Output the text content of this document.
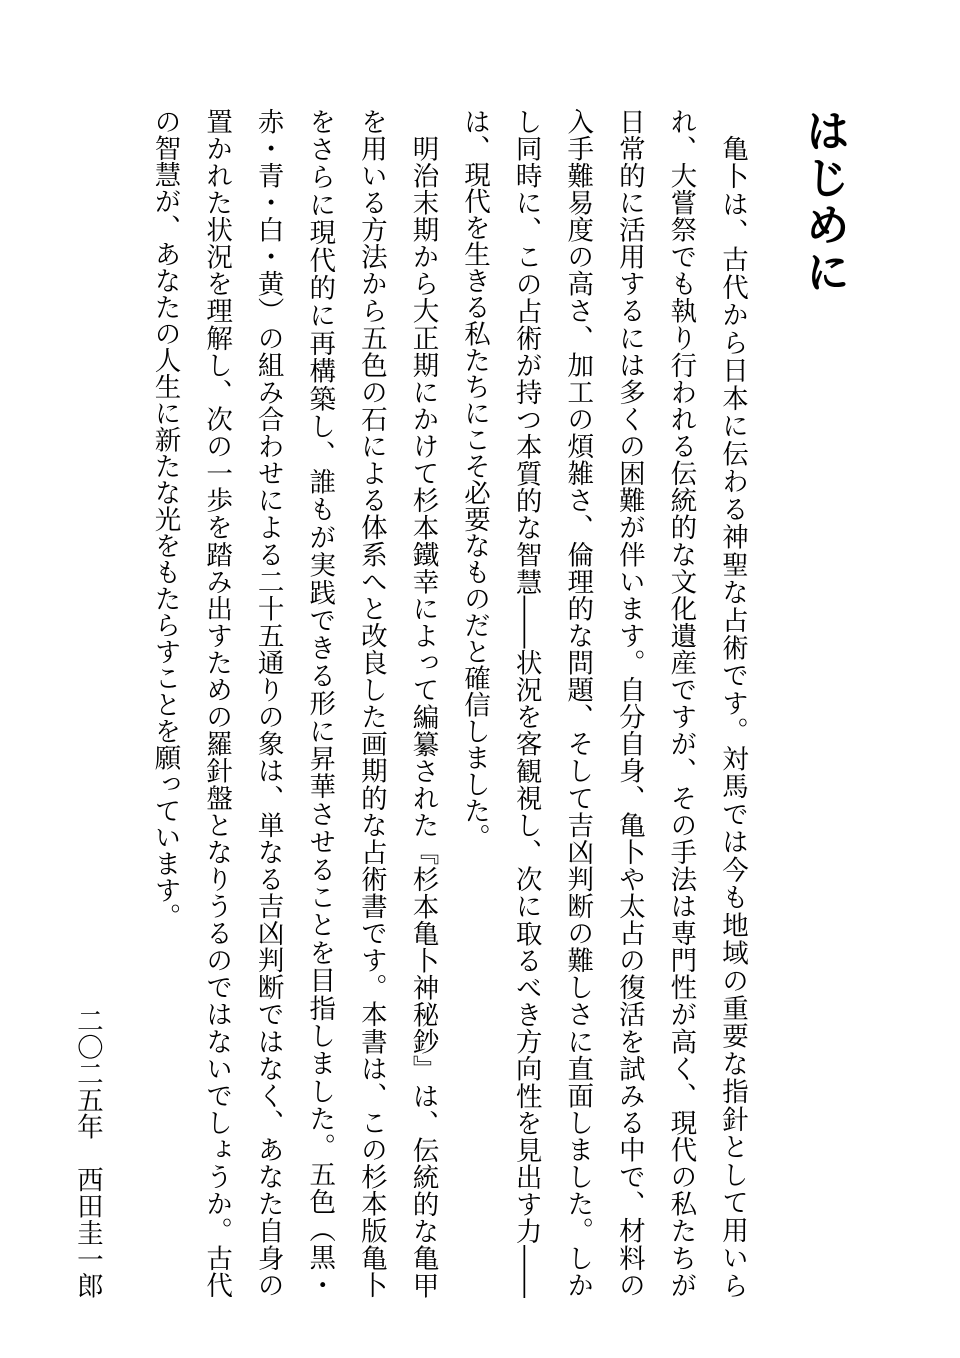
はじめに

亀卜は、古代から日本に伝わる神聖な占術です。対馬では今も地域の重要な指針として用いられ、大嘗祭でも執り行われる伝統的な文化遺産ですが、その手法は専門性が高く、現代の私たちが日常的に活用するには多くの困難が伴います。自分自身、亀卜や太占の復活を試みる中で、材料の入手難易度の高さ、加工の煩雑さ、倫理的な問題、そして吉凶判断の難しさに直面しました。しかし同時に、この占術が持つ本質的な智慧――状況を客観視し、次に取るべき方向性を見出す力――は、現代を生きる私たちにこそ必要なものだと確信しました。

明治末期から大正期にかけて杉本鐵幸によって編纂された『杉本亀卜神秘鈔』は、伝統的な亀甲を用いる方法から五色の石による体系へと改良した画期的な占術書です。本書は、この杉本版亀卜をさらに現代的に再構築し、誰もが実践できる形に昇華させることを目指しました。五色（黒・赤・青・白・黄）の組み合わせによる二十五通りの象は、単なる吉凶判断ではなく、あなた自身の置かれた状況を理解し、次の一歩を踏み出すための羅針盤となりうるのではないでしょうか。古代の智慧が、あなたの人生に新たな光をもたらすことを願っています。

二〇二五年　西田圭一郎
